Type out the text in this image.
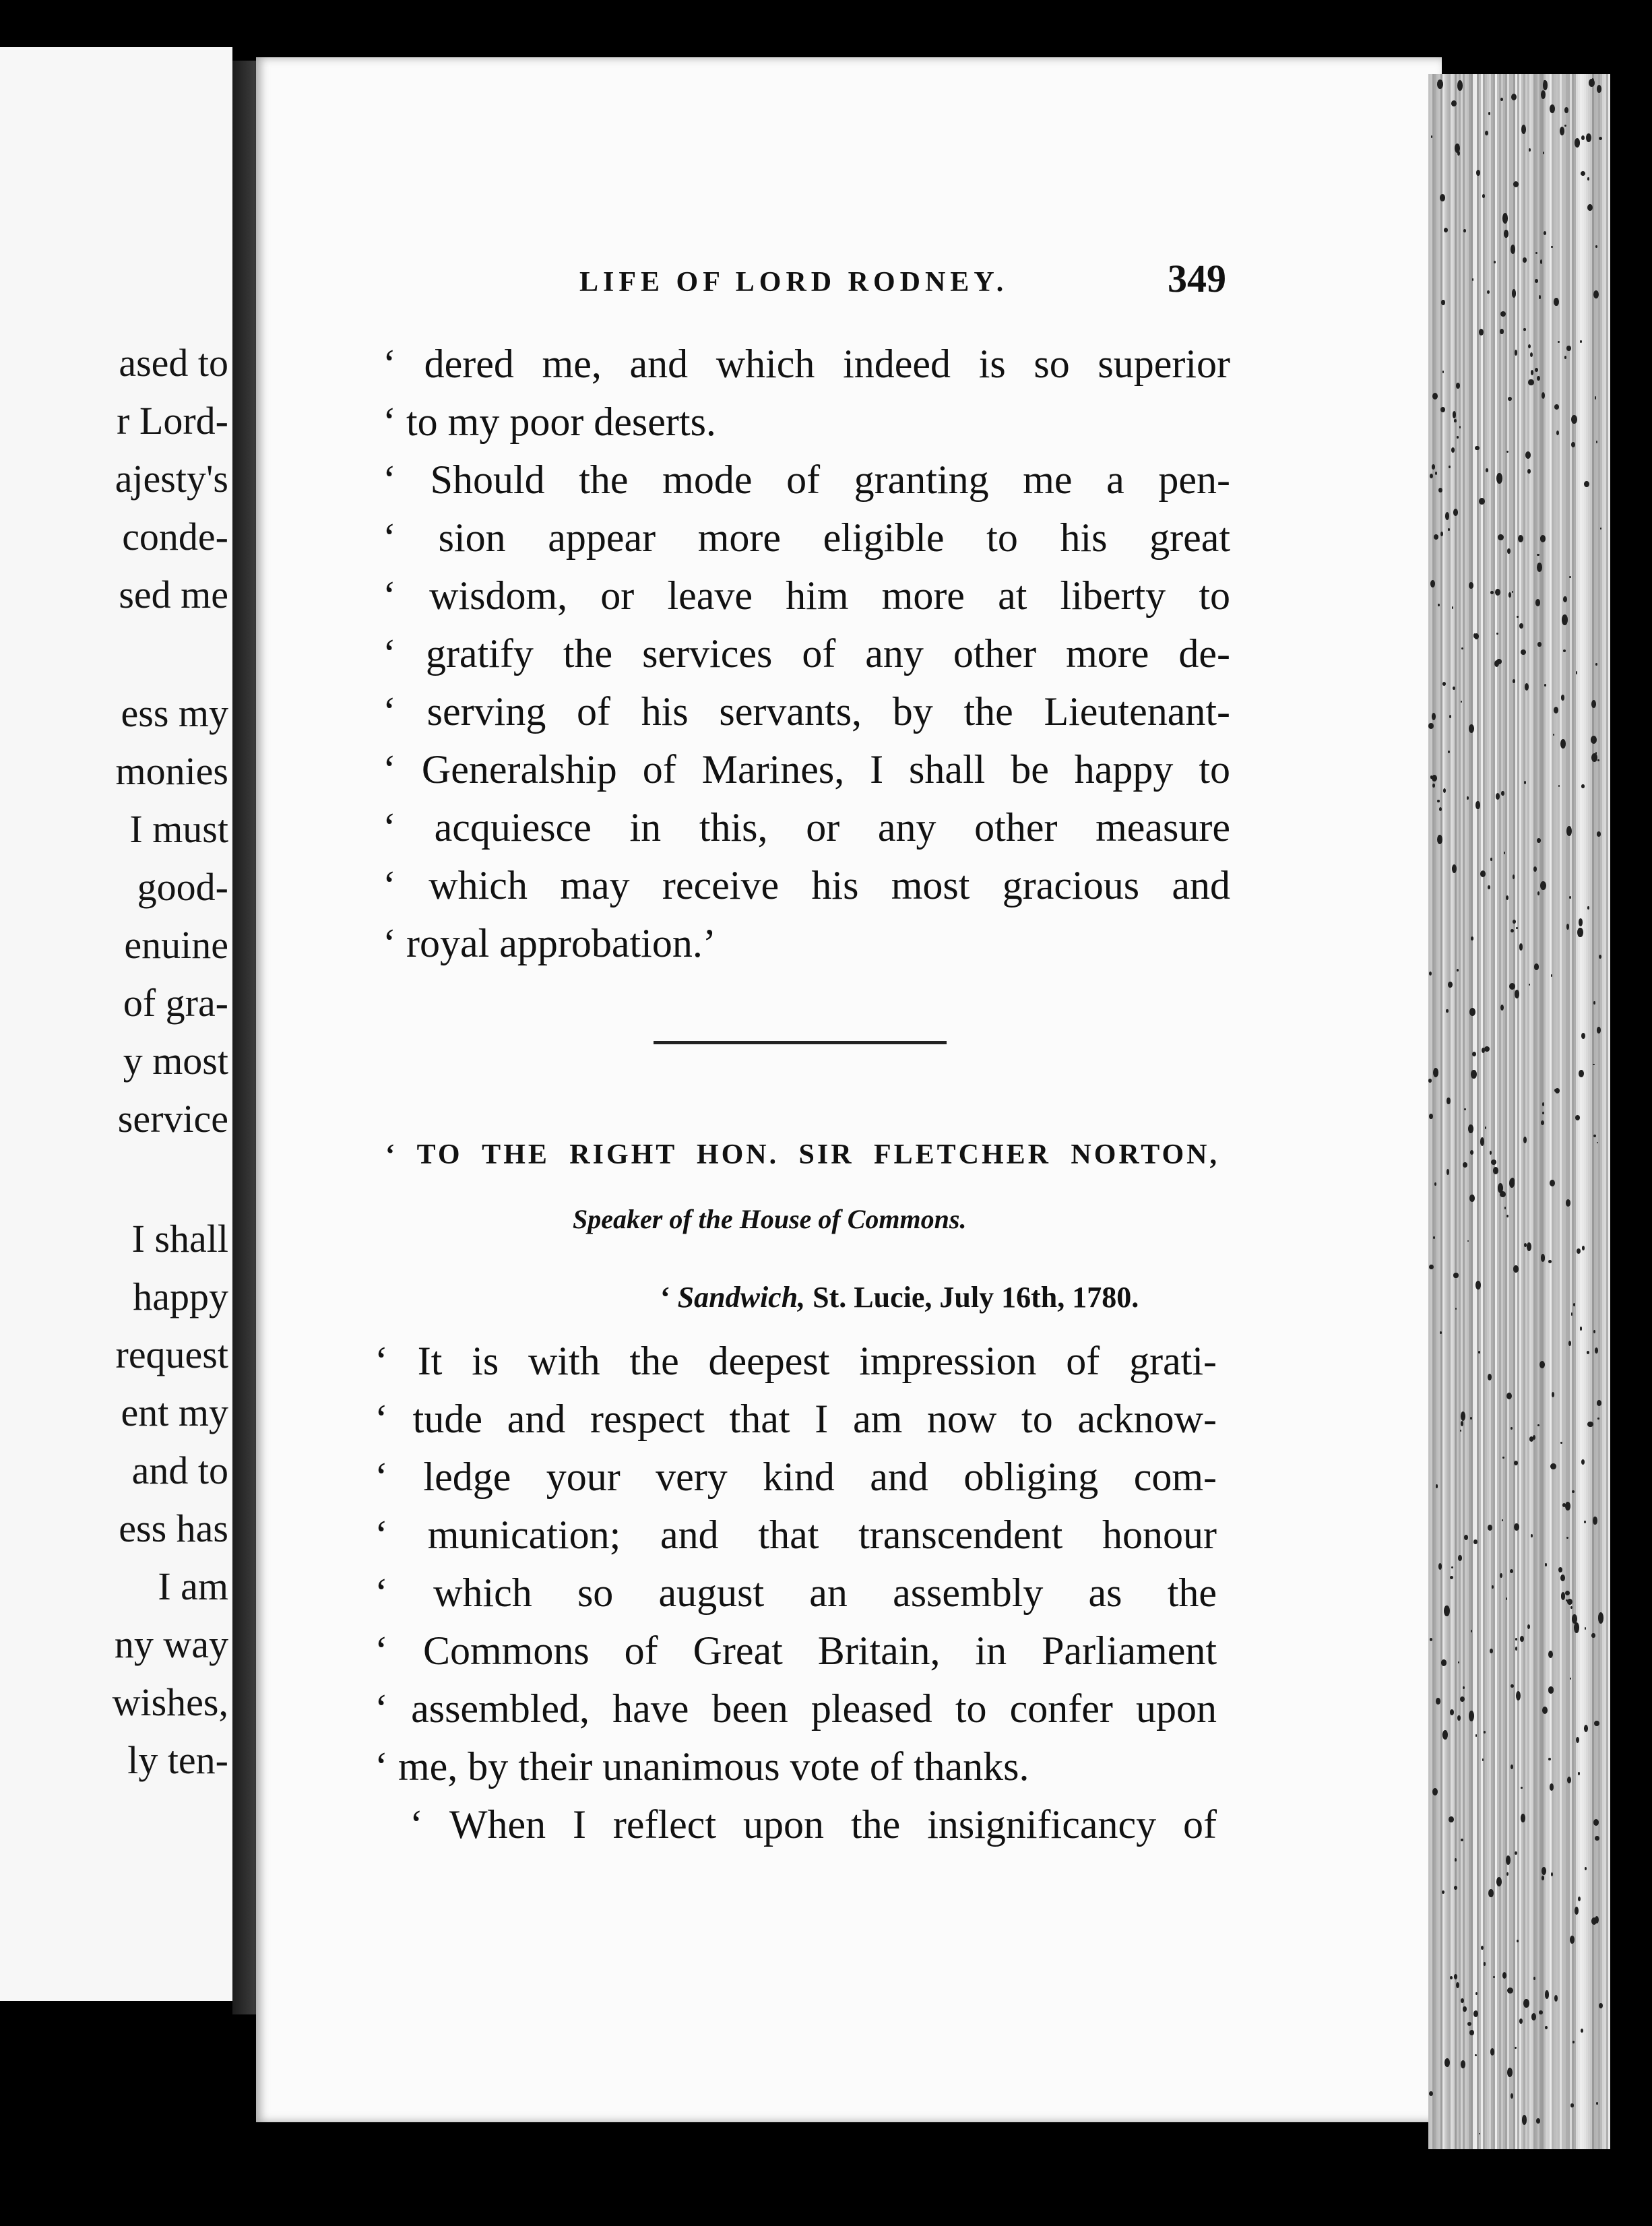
ased to
r Lord-
ajesty's
conde-
sed me
ess my
monies
I must
good-
enuine
of gra-
y most
service
I shall
happy
request
ent my
and to
ess has
I am
ny way
wishes,
ly ten-
LIFE OF LORD RODNEY.	349
‘ dered me, and which indeed is so superior
‘ to my poor deserts.
‘ Should the mode of granting me a pen-
‘ sion appear more eligible to his great
‘ wisdom, or leave him more at liberty to
‘ gratify the services of any other more de-
‘ serving of his servants, by the Lieutenant-
‘ Generalship of Marines, I shall be happy to
‘ acquiesce in this, or any other measure
‘ which may receive his most gracious and
‘ royal approbation.’
‘ TO THE RIGHT HON. SIR FLETCHER NORTON,
Speaker of the House of Commons.
‘ Sandwich, St. Lucie, July 16th, 1780.
‘ It is with the deepest impression of grati-
‘ tude and respect that I am now to acknow-
‘ ledge your very kind and obliging com-
‘ munication; and that transcendent honour
‘ which so august an assembly as the
‘ Commons of Great Britain, in Parliament
‘ assembled, have been pleased to confer upon
‘ me, by their unanimous vote of thanks.
‘ When I reflect upon the insignificancy of
